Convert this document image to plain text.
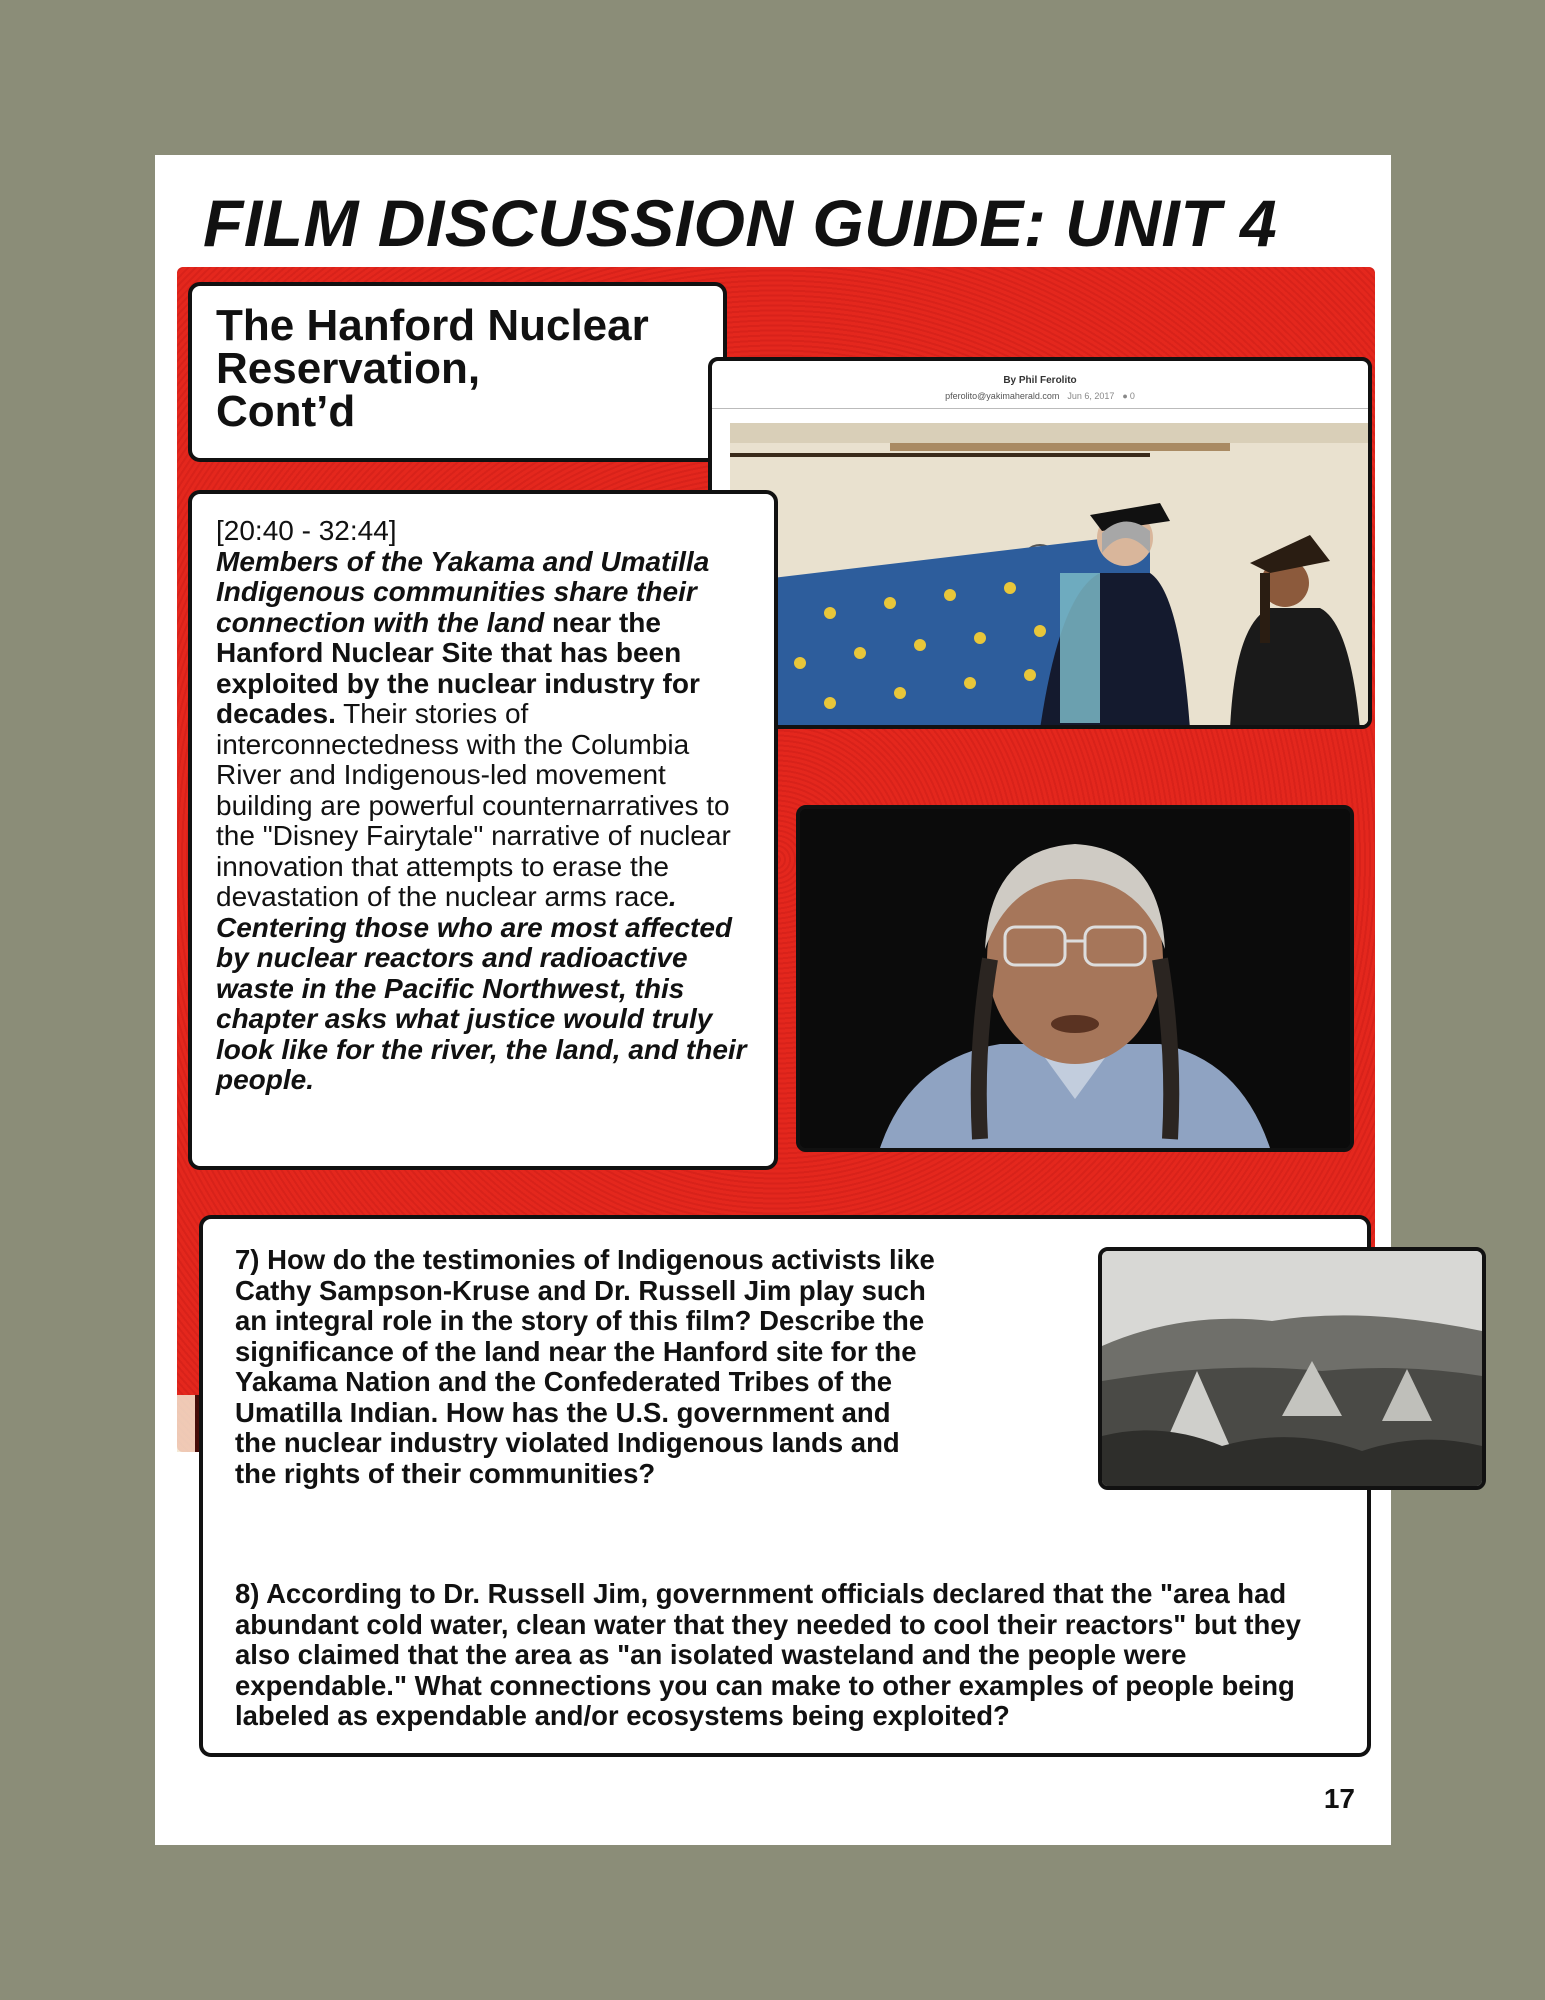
FILM DISCUSSION GUIDE: UNIT 4
The Hanford Nuclear
Reservation,
Cont’d
By Phil Ferolito
pferolito@yakimaherald.com Jun 6, 2017 ● 0

[20:40 - 32:44]
Members of the Yakama and Umatilla Indigenous communities share their connection with the land near the Hanford Nuclear Site that has been exploited by the nuclear industry for decades. Their stories of interconnectedness with the Columbia River and Indigenous-led movement building are powerful counternarratives to the "Disney Fairytale" narrative of nuclear innovation that attempts to erase the devastation of the nuclear arms race. Centering those who are most affected by nuclear reactors and radioactive waste in the Pacific Northwest, this chapter asks what justice would truly look like for the river, the land, and their people.

7) How do the testimonies of Indigenous activists like Cathy Sampson-Kruse and Dr. Russell Jim play such an integral role in the story of this film? Describe the significance of the land near the Hanford site for the Yakama Nation and the Confederated Tribes of the Umatilla Indian. How has the U.S. government and the nuclear industry violated Indigenous lands and the rights of their communities?

8) According to Dr. Russell Jim, government officials declared that the "area had abundant cold water, clean water that they needed to cool their reactors" but they also claimed that the area as "an isolated wasteland and the people were expendable." What connections you can make to other examples of people being labeled as expendable and/or ecosystems being exploited?

17
